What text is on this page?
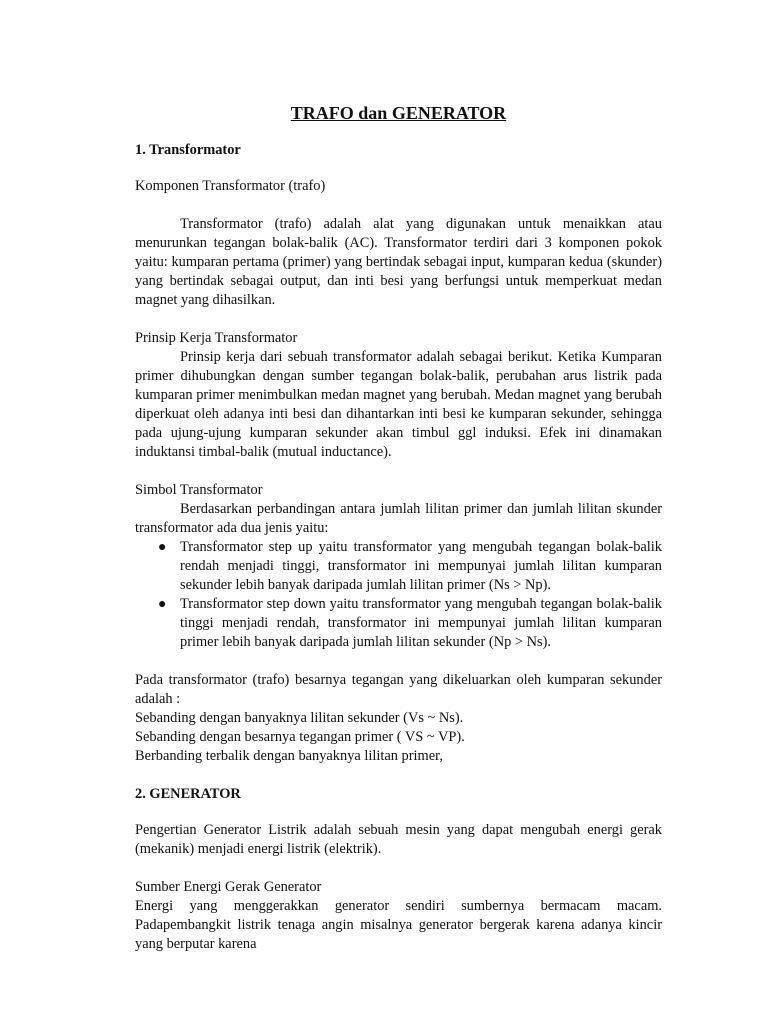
TRAFO dan GENERATOR
1. Transformator
Komponen Transformator (trafo)

Transformator (trafo) adalah alat yang digunakan untuk menaikkan atau menurunkan tegangan bolak-balik (AC). Transformator terdiri dari 3 komponen pokok yaitu: kumparan pertama (primer) yang bertindak sebagai input, kumparan kedua (skunder) yang bertindak sebagai output, dan inti besi yang berfungsi untuk memperkuat medan magnet yang dihasilkan.

Prinsip Kerja Transformator

Prinsip kerja dari sebuah transformator adalah sebagai berikut. Ketika Kumparan primer dihubungkan dengan sumber tegangan bolak-balik, perubahan arus listrik pada kumparan primer menimbulkan medan magnet yang berubah. Medan magnet yang berubah diperkuat oleh adanya inti besi dan dihantarkan inti besi ke kumparan sekunder, sehingga pada ujung-ujung kumparan sekunder akan timbul ggl induksi. Efek ini dinamakan induktansi timbal-balik (mutual inductance).

Simbol Transformator

Berdasarkan perbandingan antara jumlah lilitan primer dan jumlah lilitan skunder transformator ada dua jenis yaitu:

● Transformator step up yaitu transformator yang mengubah tegangan bolak-balik rendah menjadi tinggi, transformator ini mempunyai jumlah lilitan kumparan sekunder lebih banyak daripada jumlah lilitan primer (Ns > Np).
● Transformator step down yaitu transformator yang mengubah tegangan bolak-balik tinggi menjadi rendah, transformator ini mempunyai jumlah lilitan kumparan primer lebih banyak daripada jumlah lilitan sekunder (Np > Ns).

Pada transformator (trafo) besarnya tegangan yang dikeluarkan oleh kumparan sekunder adalah :

Sebanding dengan banyaknya lilitan sekunder (Vs ~ Ns).
Sebanding dengan besarnya tegangan primer ( VS ~ VP).
Berbanding terbalik dengan banyaknya lilitan primer,
2. GENERATOR

Pengertian Generator Listrik adalah sebuah mesin yang dapat mengubah energi gerak (mekanik) menjadi energi listrik (elektrik).

Sumber Energi Gerak Generator

Energi yang menggerakkan generator sendiri sumbernya bermacam macam. Padapembangkit listrik tenaga angin misalnya generator bergerak karena adanya kincir yang berputar karena
